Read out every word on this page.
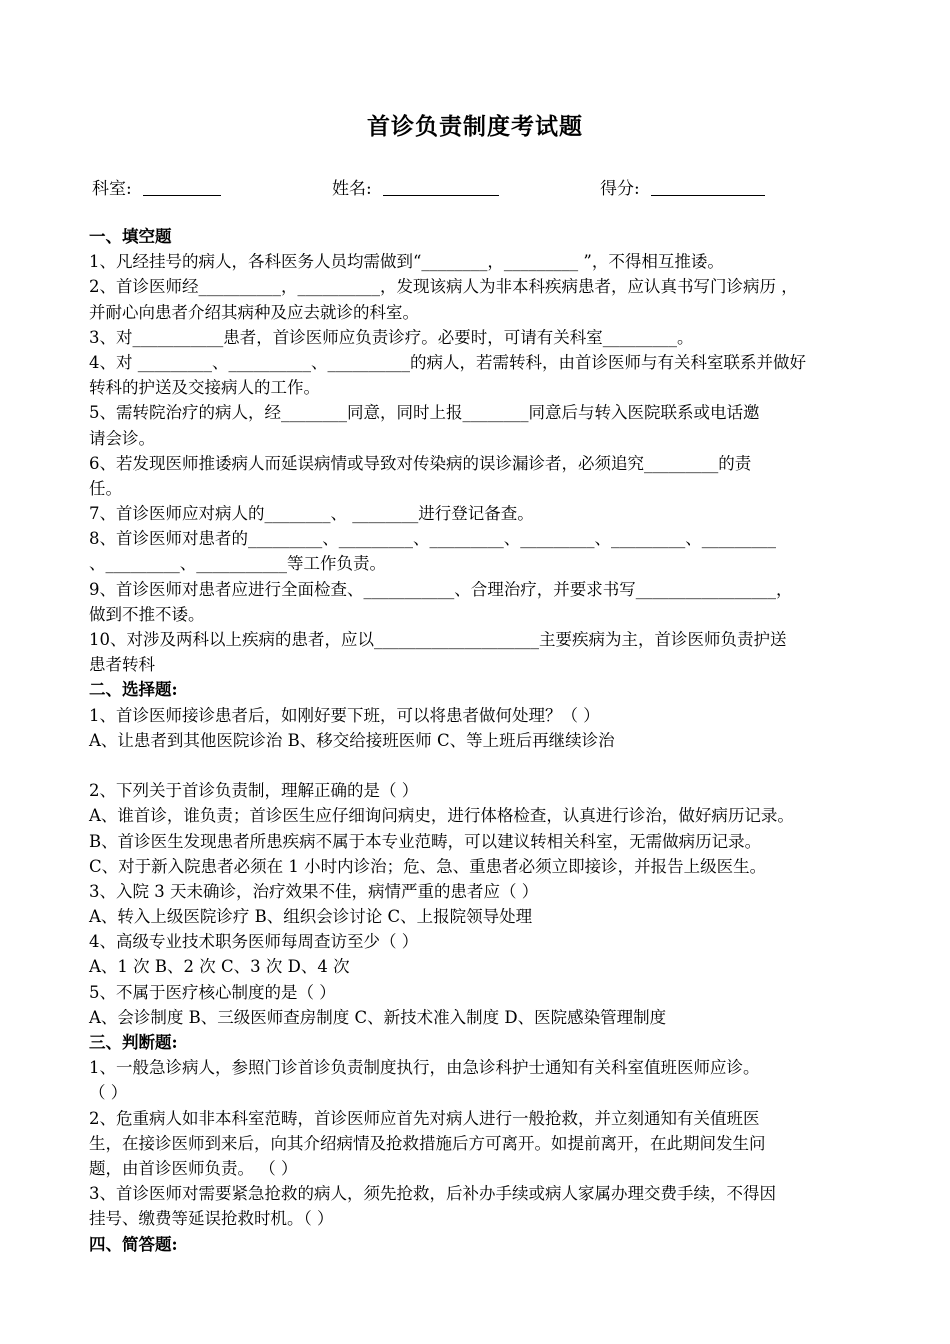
首诊负责制度考试题
科室:	姓名:	得分:
一、填空题
1、凡经挂号的病人，各科医务人员均需做到“________，_________ ”，不得相互推诿。
2、首诊医师经__________，__________，发现该病人为非本科疾病患者，应认真书写门诊病历 ，
并耐心向患者介绍其病种及应去就诊的科室。
3、对___________患者，首诊医师应负责诊疗。必要时，可请有关科室_________。
4、对 _________、__________、__________的病人，若需转科，由首诊医师与有关科室联系并做好
转科的护送及交接病人的工作。
5、需转院治疗的病人，经________同意，同时上报________同意后与转入医院联系或电话邀
请会诊。
6、若发现医师推诿病人而延误病情或导致对传染病的误诊漏诊者，必须追究_________的责
任。
7、首诊医师应对病人的________、 ________进行登记备查。
8、首诊医师对患者的_________、_________、_________、_________、_________、_________
、_________、___________等工作负责。
9、首诊医师对患者应进行全面检查、___________、合理治疗，并要求书写_________________，
做到不推不诿。
10、对涉及两科以上疾病的患者，应以____________________主要疾病为主，首诊医师负责护送
患者转科
二、选择题:
1、首诊医师接诊患者后，如刚好要下班，可以将患者做何处理？（ ）
A、让患者到其他医院诊治 B、移交给接班医师 C、等上班后再继续诊治
2、下列关于首诊负责制，理解正确的是（ ）
A、谁首诊，谁负责；首诊医生应仔细询问病史，进行体格检查，认真进行诊治，做好病历记录。
B、首诊医生发现患者所患疾病不属于本专业范畴，可以建议转相关科室，无需做病历记录。
C、对于新入院患者必须在 1 小时内诊治；危、急、重患者必须立即接诊，并报告上级医生。
3、入院 3 天未确诊，治疗效果不佳，病情严重的患者应（ ）
A、转入上级医院诊疗 B、组织会诊讨论 C、上报院领导处理
4、高级专业技术职务医师每周查访至少（ ）
A、1 次 B、2 次 C、3 次 D、4 次
5、不属于医疗核心制度的是（ ）
A、会诊制度 B、三级医师查房制度 C、新技术准入制度 D、医院感染管理制度
三、判断题:
1、一般急诊病人，参照门诊首诊负责制度执行，由急诊科护士通知有关科室值班医师应诊。
（ ）
2、危重病人如非本科室范畴，首诊医师应首先对病人进行一般抢救，并立刻通知有关值班医
生，在接诊医师到来后，向其介绍病情及抢救措施后方可离开。如提前离开，在此期间发生问
题，由首诊医师负责。 （ ）
3、首诊医师对需要紧急抢救的病人，须先抢救，后补办手续或病人家属办理交费手续，不得因
挂号、缴费等延误抢救时机。（ ）
四、简答题:
